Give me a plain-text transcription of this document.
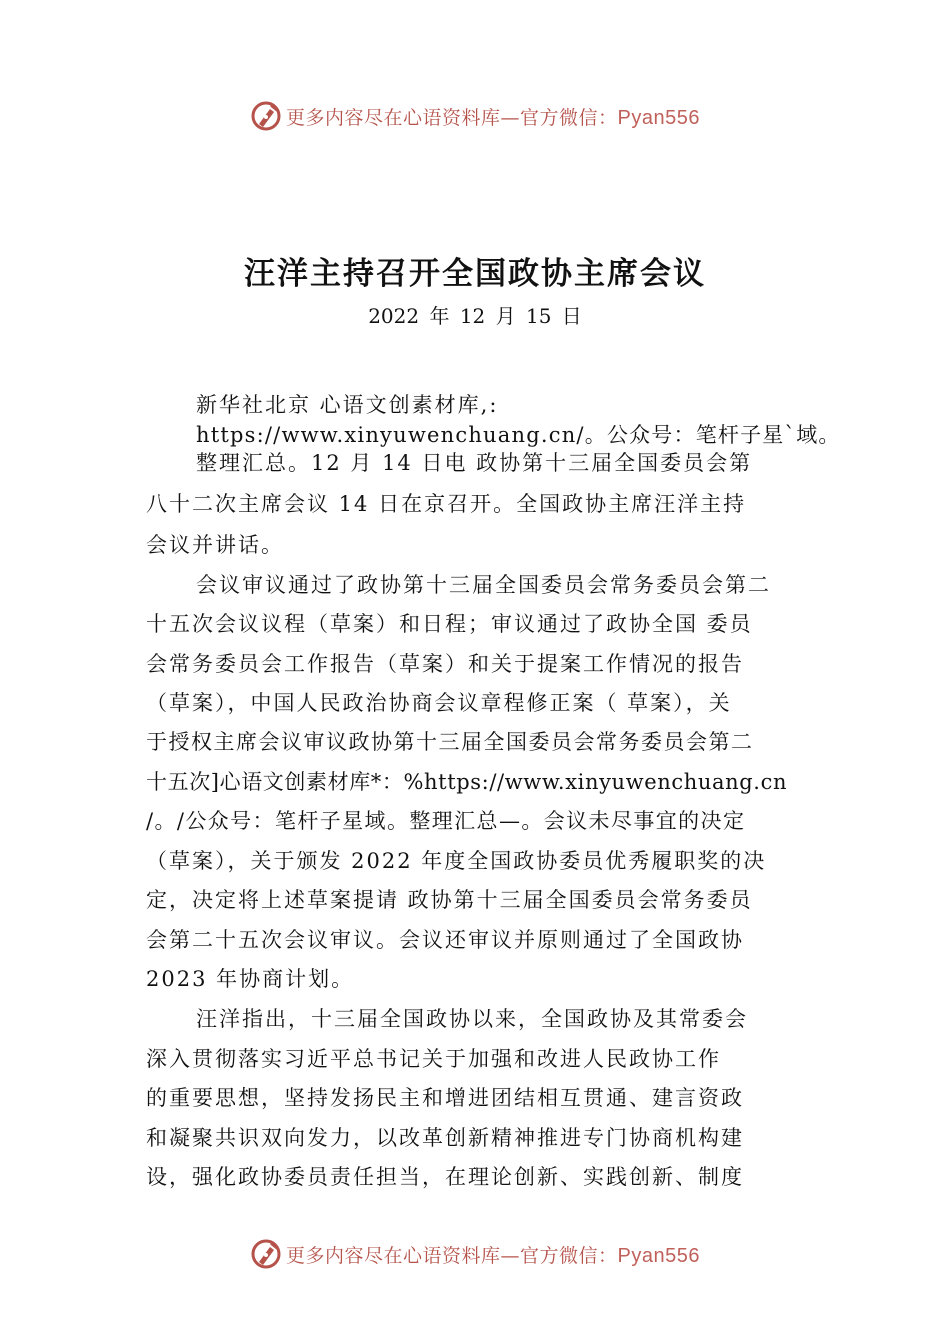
更多内容尽在心语资料库—官方微信：Pyan556
汪洋主持召开全国政协主席会议
2022 年 12 月 15 日
新华社北京 心语文创素材库,:
https://www.xinyuwenchuang.cn/。公众号：笔杆子星`域。
整理汇总。12 月 14 日电 政协第十三届全国委员会第
八十二次主席会议 14 日在京召开。全国政协主席汪洋主持
会议并讲话。
会议审议通过了政协第十三届全国委员会常务委员会第二
十五次会议议程（草案）和日程；审议通过了政协全国 委员
会常务委员会工作报告（草案）和关于提案工作情况的报告
（草案），中国人民政治协商会议章程修正案（ 草案），关
于授权主席会议审议政协第十三届全国委员会常务委员会第二
十五次]心语文创素材库*：%https://www.xinyuwenchuang.cn
/。/公众号：笔杆子星域。整理汇总—。会议未尽事宜的决定
（草案），关于颁发 2022 年度全国政协委员优秀履职奖的决
定，决定将上述草案提请 政协第十三届全国委员会常务委员
会第二十五次会议审议。会议还审议并原则通过了全国政协
2023 年协商计划。
汪洋指出，十三届全国政协以来，全国政协及其常委会
深入贯彻落实习近平总书记关于加强和改进人民政协工作
的重要思想，坚持发扬民主和增进团结相互贯通、建言资政
和凝聚共识双向发力，以改革创新精神推进专门协商机构建
设，强化政协委员责任担当，在理论创新、实践创新、制度
更多内容尽在心语资料库—官方微信：Pyan556
